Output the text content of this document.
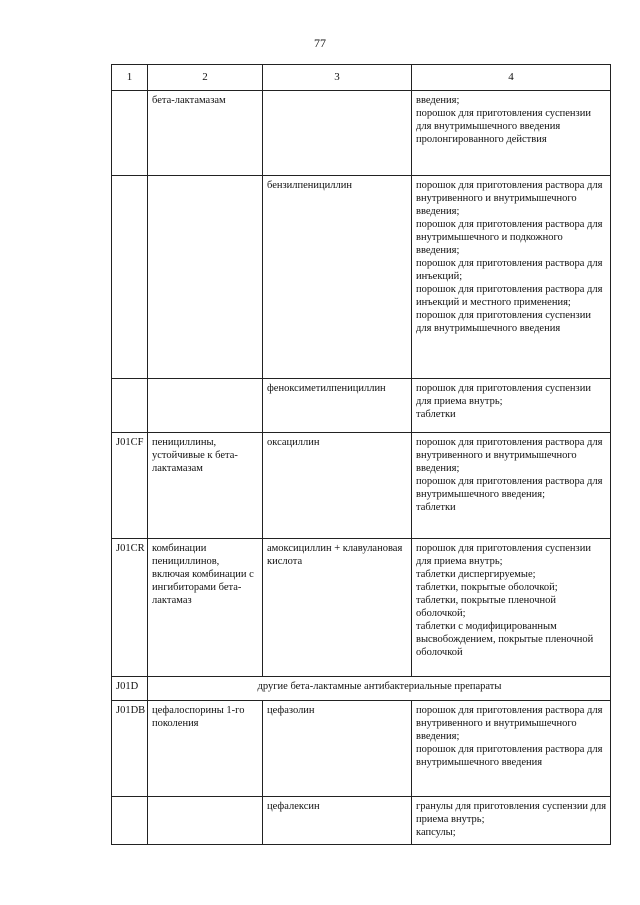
77
1	2	3	4
	бета-лактамазам		введения;
порошок для приготовления суспензии для внутримышечного введения пролонгированного действия
		бензилпенициллин	порошок для приготовления раствора для внутривенного и внутримышечного введения;
порошок для приготовления раствора для внутримышечного и подкожного введения;
порошок для приготовления раствора для инъекций;
порошок для приготовления раствора для инъекций и местного применения;
порошок для приготовления суспензии для внутримышечного введения
		феноксиметилпенициллин	порошок для приготовления суспензии для приема внутрь;
таблетки
J01CF	пенициллины, устойчивые к бета-лактамазам	оксациллин	порошок для приготовления раствора для внутривенного и внутримышечного введения;
порошок для приготовления раствора для внутримышечного введения;
таблетки
J01CR	комбинации пенициллинов, включая комбинации с ингибиторами бета-лактамаз	амоксициллин + клавулановая кислота	порошок для приготовления суспензии для приема внутрь;
таблетки диспергируемые;
таблетки, покрытые оболочкой;
таблетки, покрытые пленочной оболочкой;
таблетки с модифицированным высвобождением, покрытые пленочной оболочкой
J01D	другие бета-лактамные антибактериальные препараты		
J01DB	цефалоспорины 1-го поколения	цефазолин	порошок для приготовления раствора для внутривенного и внутримышечного введения;
порошок для приготовления раствора для внутримышечного введения
		цефалексин	гранулы для приготовления суспензии для приема внутрь;
капсулы;
